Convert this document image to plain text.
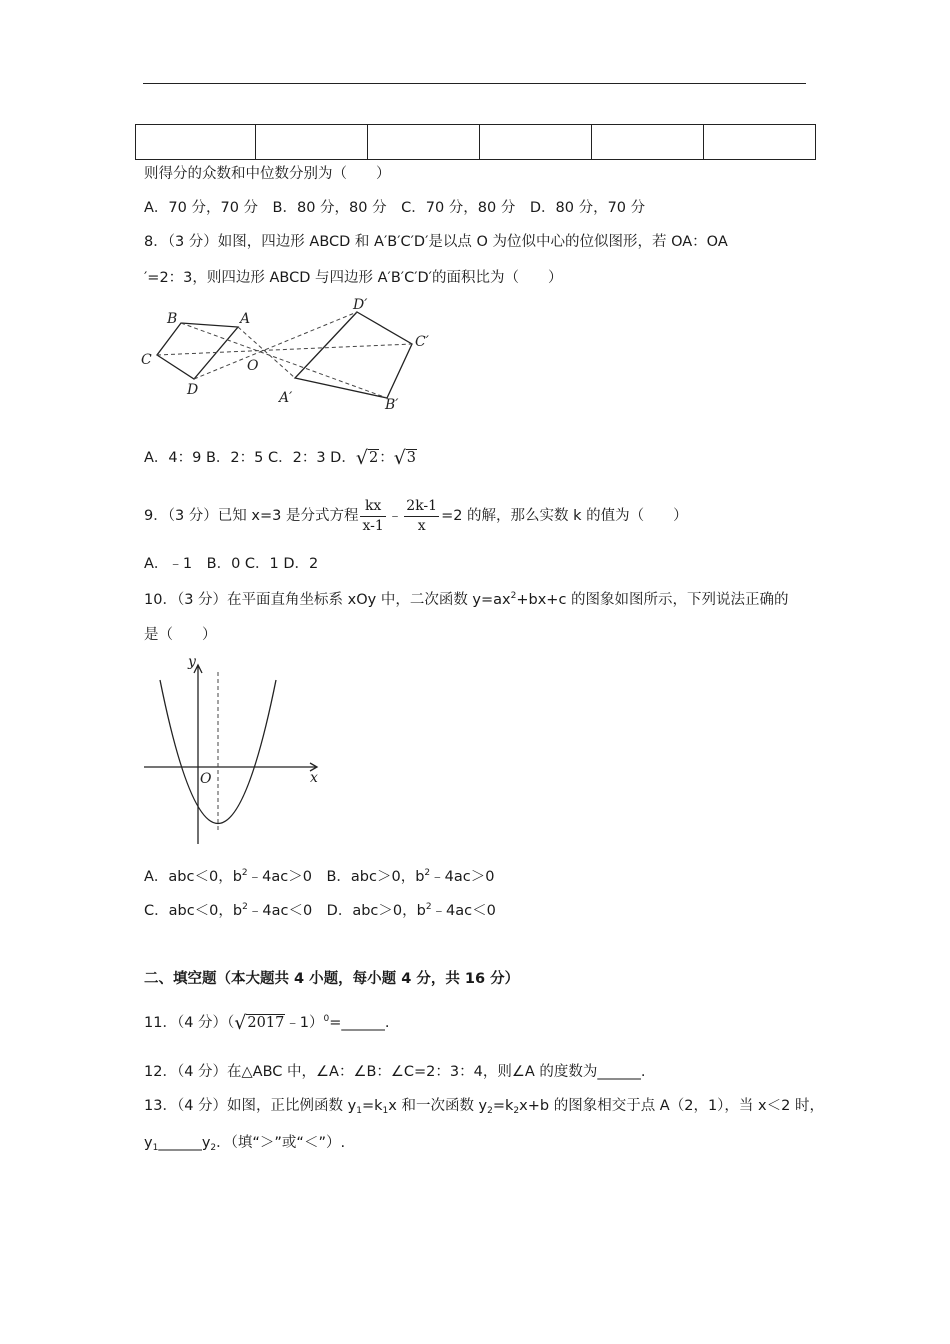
则得分的众数和中位数分别为（　　）
A．70 分，70 分　B．80 分，80 分　C．70 分，80 分　D．80 分，70 分
8．（3 分）如图，四边形 ABCD 和 A′B′C′D′是以点 O 为位似中心的位似图形，若 OA：OA
′=2：3，则四边形 ABCD 与四边形 A′B′C′D′的面积比为（　　）
B	A
C
D
O
D′
C′
A′	B′
A．4：9 B．2：5 C．2：3 D．√2：√3
9．（3 分）已知 x=3 是分式方程 $\frac{kx}{x-1}$ ﹣ $\frac{2k-1}{x} =2$ 的解，那么实数 k 的值为（　　）
A．﹣1　B．0 C．1 D．2
10．（3 分）在平面直角坐标系 xOy 中，二次函数 $y=ax^2+bx+c$ 的图象如图所示，下列说法正确的
是（　　）
y
x
O
A．abc＜0，$b^2﹣4ac>0$　B．abc＞0，$b^2﹣4ac>0$
C．abc＜0，$b^2﹣4ac<0$　D．abc＞0，$b^2﹣4ac<0$
二、填空题（本大题共 4 小题，每小题 4 分，共 16 分）
11．（4 分）（√2017﹣1）$^0$=______.
12．（4 分）在△ABC 中，∠A：∠B：∠C=2：3：4，则∠A 的度数为______.
13．（4 分）如图，正比例函数 $y_1=k_1x$ 和一次函数 $y_2=k_2x+b$ 的图象相交于点 A（2，1），当 x＜2 时，
$y_1\_\_\_\_\_\_y_2$．（填“＞”或“＜”）.
